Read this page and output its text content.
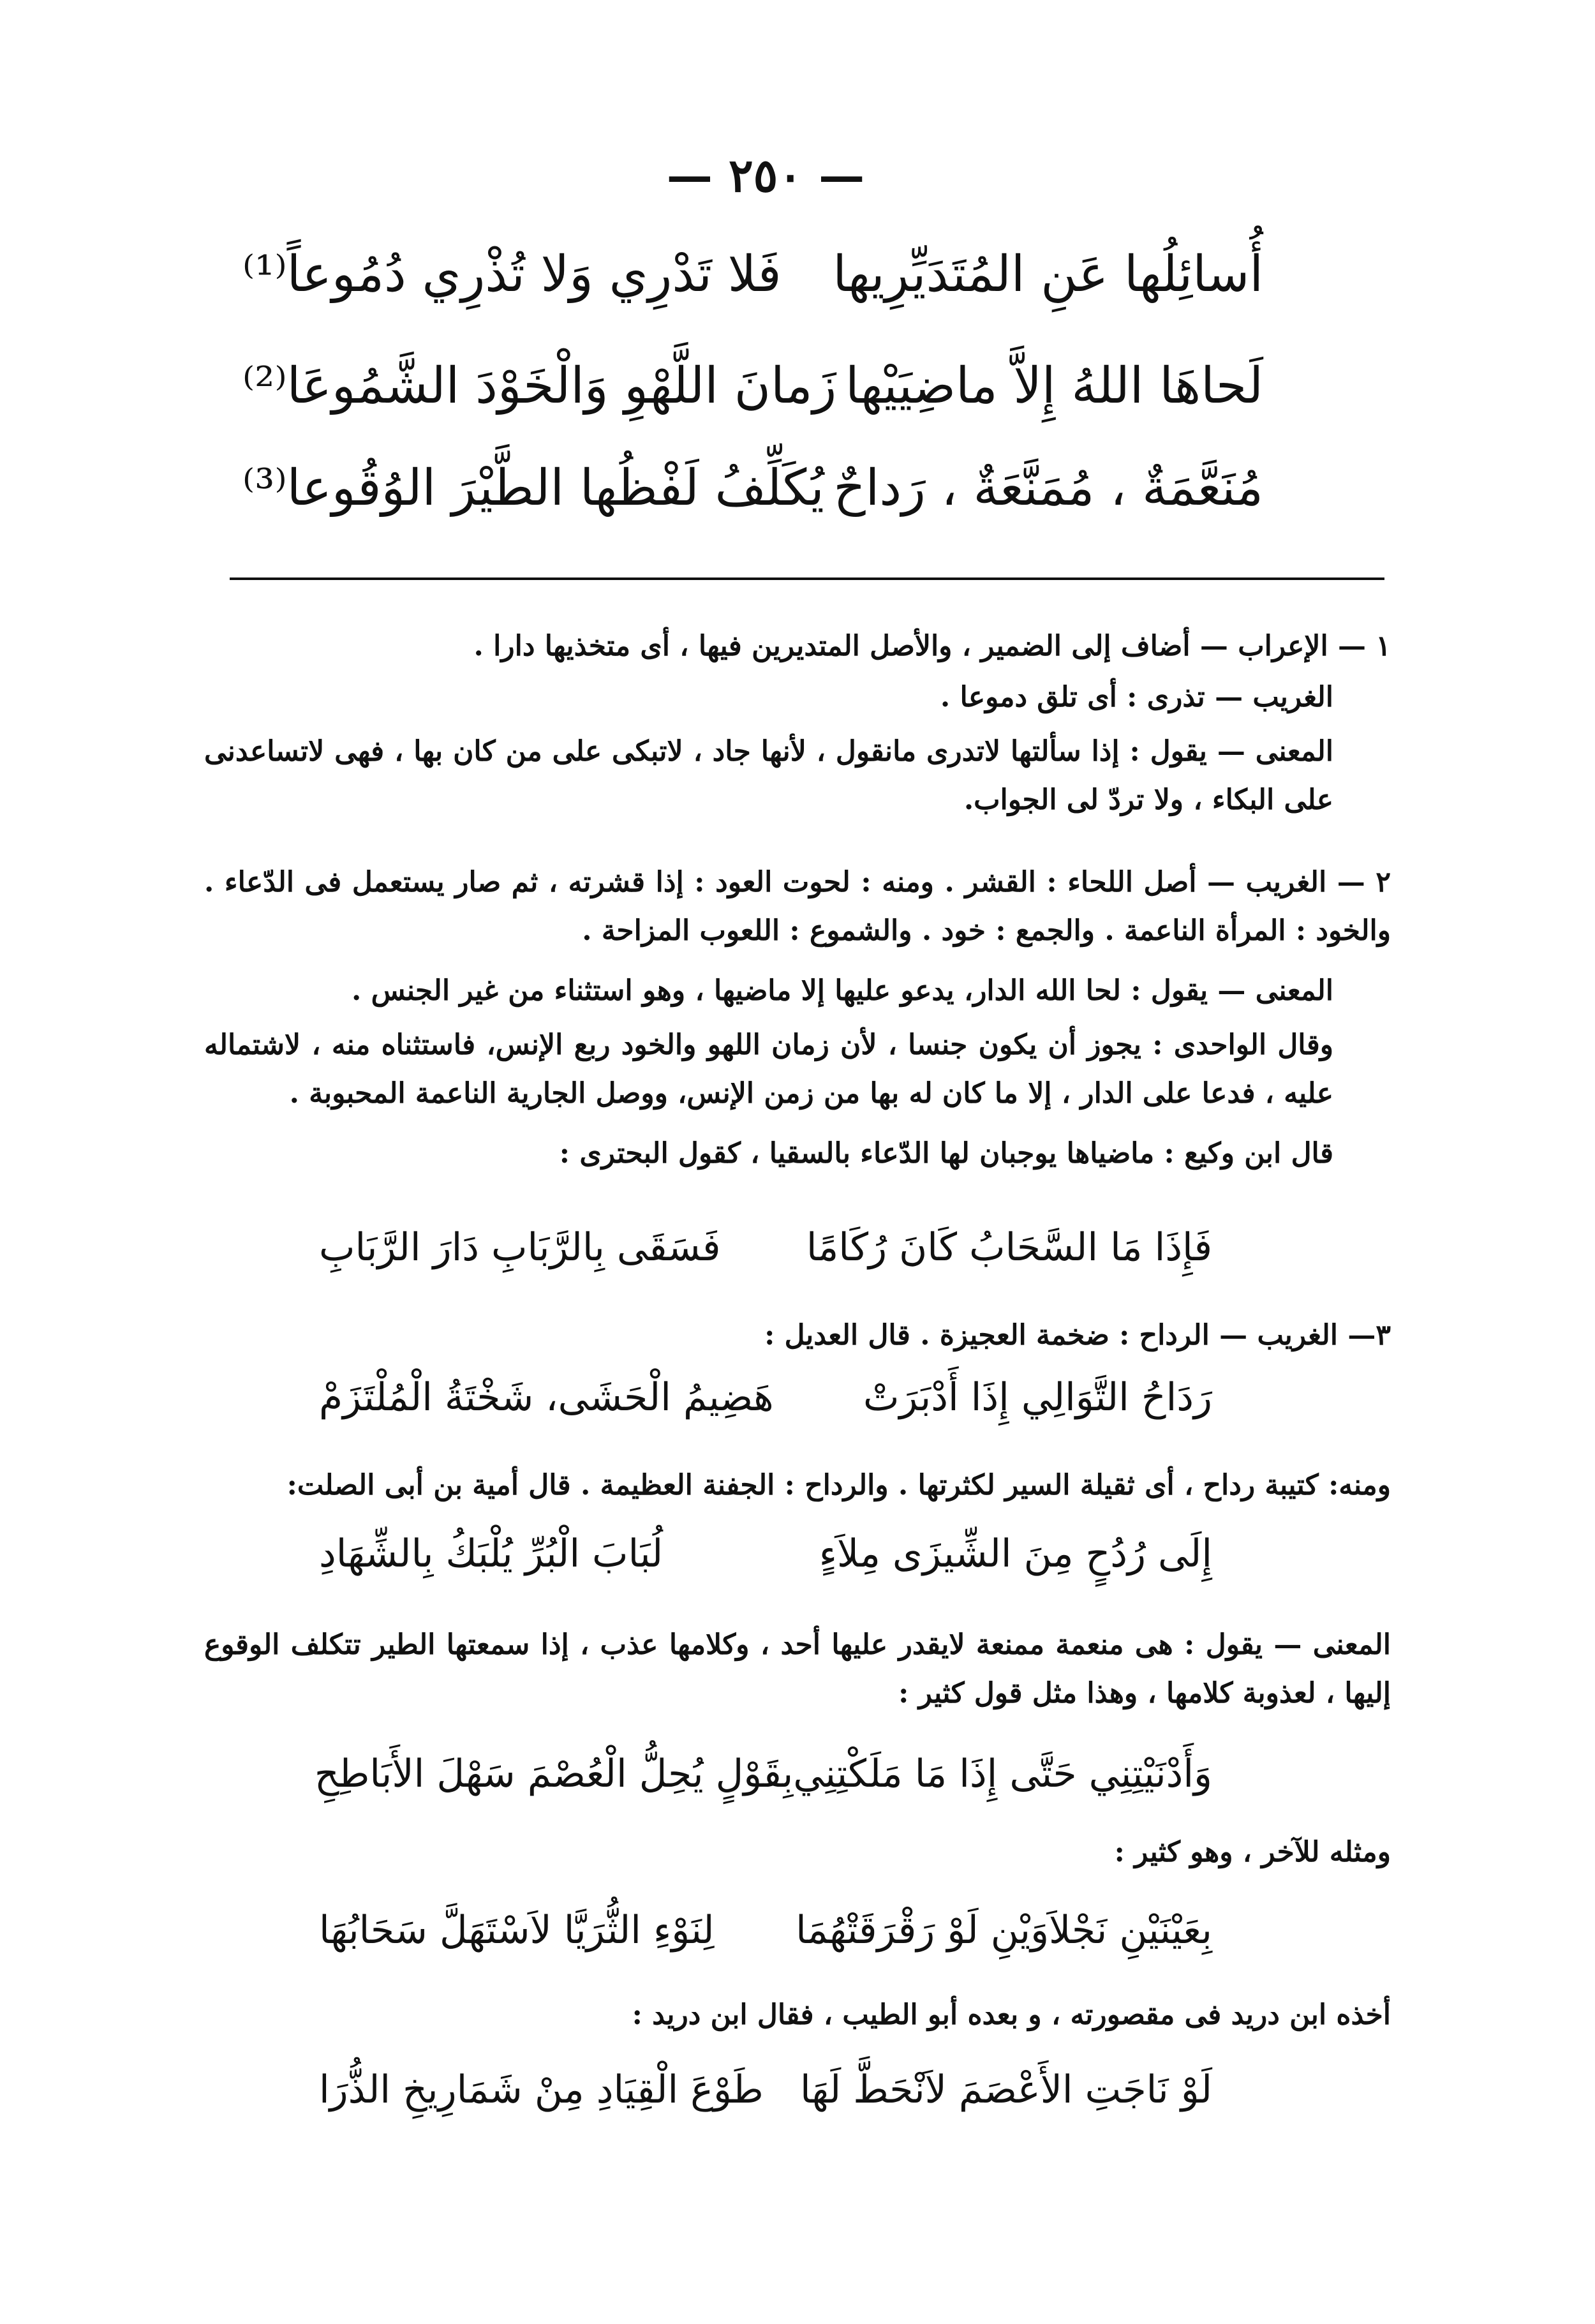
— ٢٥٠ —
أُسائِلُها عَنِ المُتَدَيِّرِيها
فَلا تَدْرِي وَلا تُذْرِي دُمُوعاً⁽¹⁾
لَحاهَا اللهُ إِلاَّ ماضِيَيْها
زَمانَ اللَّهْوِ وَالْخَوْدَ الشَّمُوعَا⁽²⁾
مُنَعَّمَةٌ ، مُمَنَّعَةٌ ، رَداحٌ
يُكَلِّفُ لَفْظُها الطَّيْرَ الوُقُوعا⁽³⁾
١ — الإعراب — أضاف إلى الضمير ، والأصل المتديرين فيها ، أى متخذيها دارا .
الغريب — تذرى : أى تلق دموعا .
المعنى — يقول : إذا سألتها لاتدرى مانقول ، لأنها جاد ، لاتبكى على من كان بها ، فهى لاتساعدنى على البكاء ، ولا تردّ لى الجواب.
٢ — الغريب — أصل اللحاء : القشر . ومنه : لحوت العود : إذا قشرته ، ثم صار يستعمل فى الدّعاء . والخود : المرأة الناعمة . والجمع : خود . والشموع : اللعوب المزاحة .
المعنى — يقول : لحا الله الدار، يدعو عليها إلا ماضيها ، وهو استثناء من غير الجنس .
وقال الواحدى : يجوز أن يكون جنسا ، لأن زمان اللهو والخود ربع الإنس، فاستثناه منه ، لاشتماله عليه ، فدعا على الدار ، إلا ما كان له بها من زمن الإنس، ووصل الجارية الناعمة المحبوبة .
قال ابن وكيع : ماضياها يوجبان لها الدّعاء بالسقيا ، كقول البحترى :
فَإِذَا مَا السَّحَابُ كَانَ رُكَامًا
فَسَقَى بِالرَّبَابِ دَارَ الرَّبَابِ
٣— الغريب — الرداح : ضخمة العجيزة . قال العديل :
رَدَاحُ التَّوَالِي إِذَا أَدْبَرَتْ
هَضِيمُ الْحَشَى، شَخْتَةُ الْمُلْتَزَمْ
ومنه: كتيبة رداح ، أى ثقيلة السير لكثرتها . والرداح : الجفنة العظيمة . قال أمية بن أبى الصلت:
إِلَى رُدُحٍ مِنَ الشِّيزَى مِلاَءٍ
لُبَابَ الْبُرِّ يُلْبَكُ بِالشِّهَادِ
المعنى — يقول : هى منعمة ممنعة لايقدر عليها أحد ، وكلامها عذب ، إذا سمعتها الطير تتكلف الوقوع إليها ، لعذوبة كلامها ، وهذا مثل قول كثير :
وَأَدْنَيْتِنِي حَتَّى إِذَا مَا مَلَكْتِنِي
بِقَوْلٍ يُحِلُّ الْعُصْمَ سَهْلَ الأَبَاطِحِ
ومثله للآخر ، وهو كثير :
بِعَيْنَيْنِ نَجْلاَوَيْنِ لَوْ رَقْرَقَتْهُمَا
لِنَوْءِ الثُّرَيَّا لاَسْتَهَلَّ سَحَابُهَا
أخذه ابن دريد فى مقصورته ، و بعده أبو الطيب ، فقال ابن دريد :
لَوْ نَاجَتِ الأَعْصَمَ لاَنْحَطَّ لَهَا
طَوْعَ الْقِيَادِ مِنْ شَمَارِيخِ الذُّرَا
